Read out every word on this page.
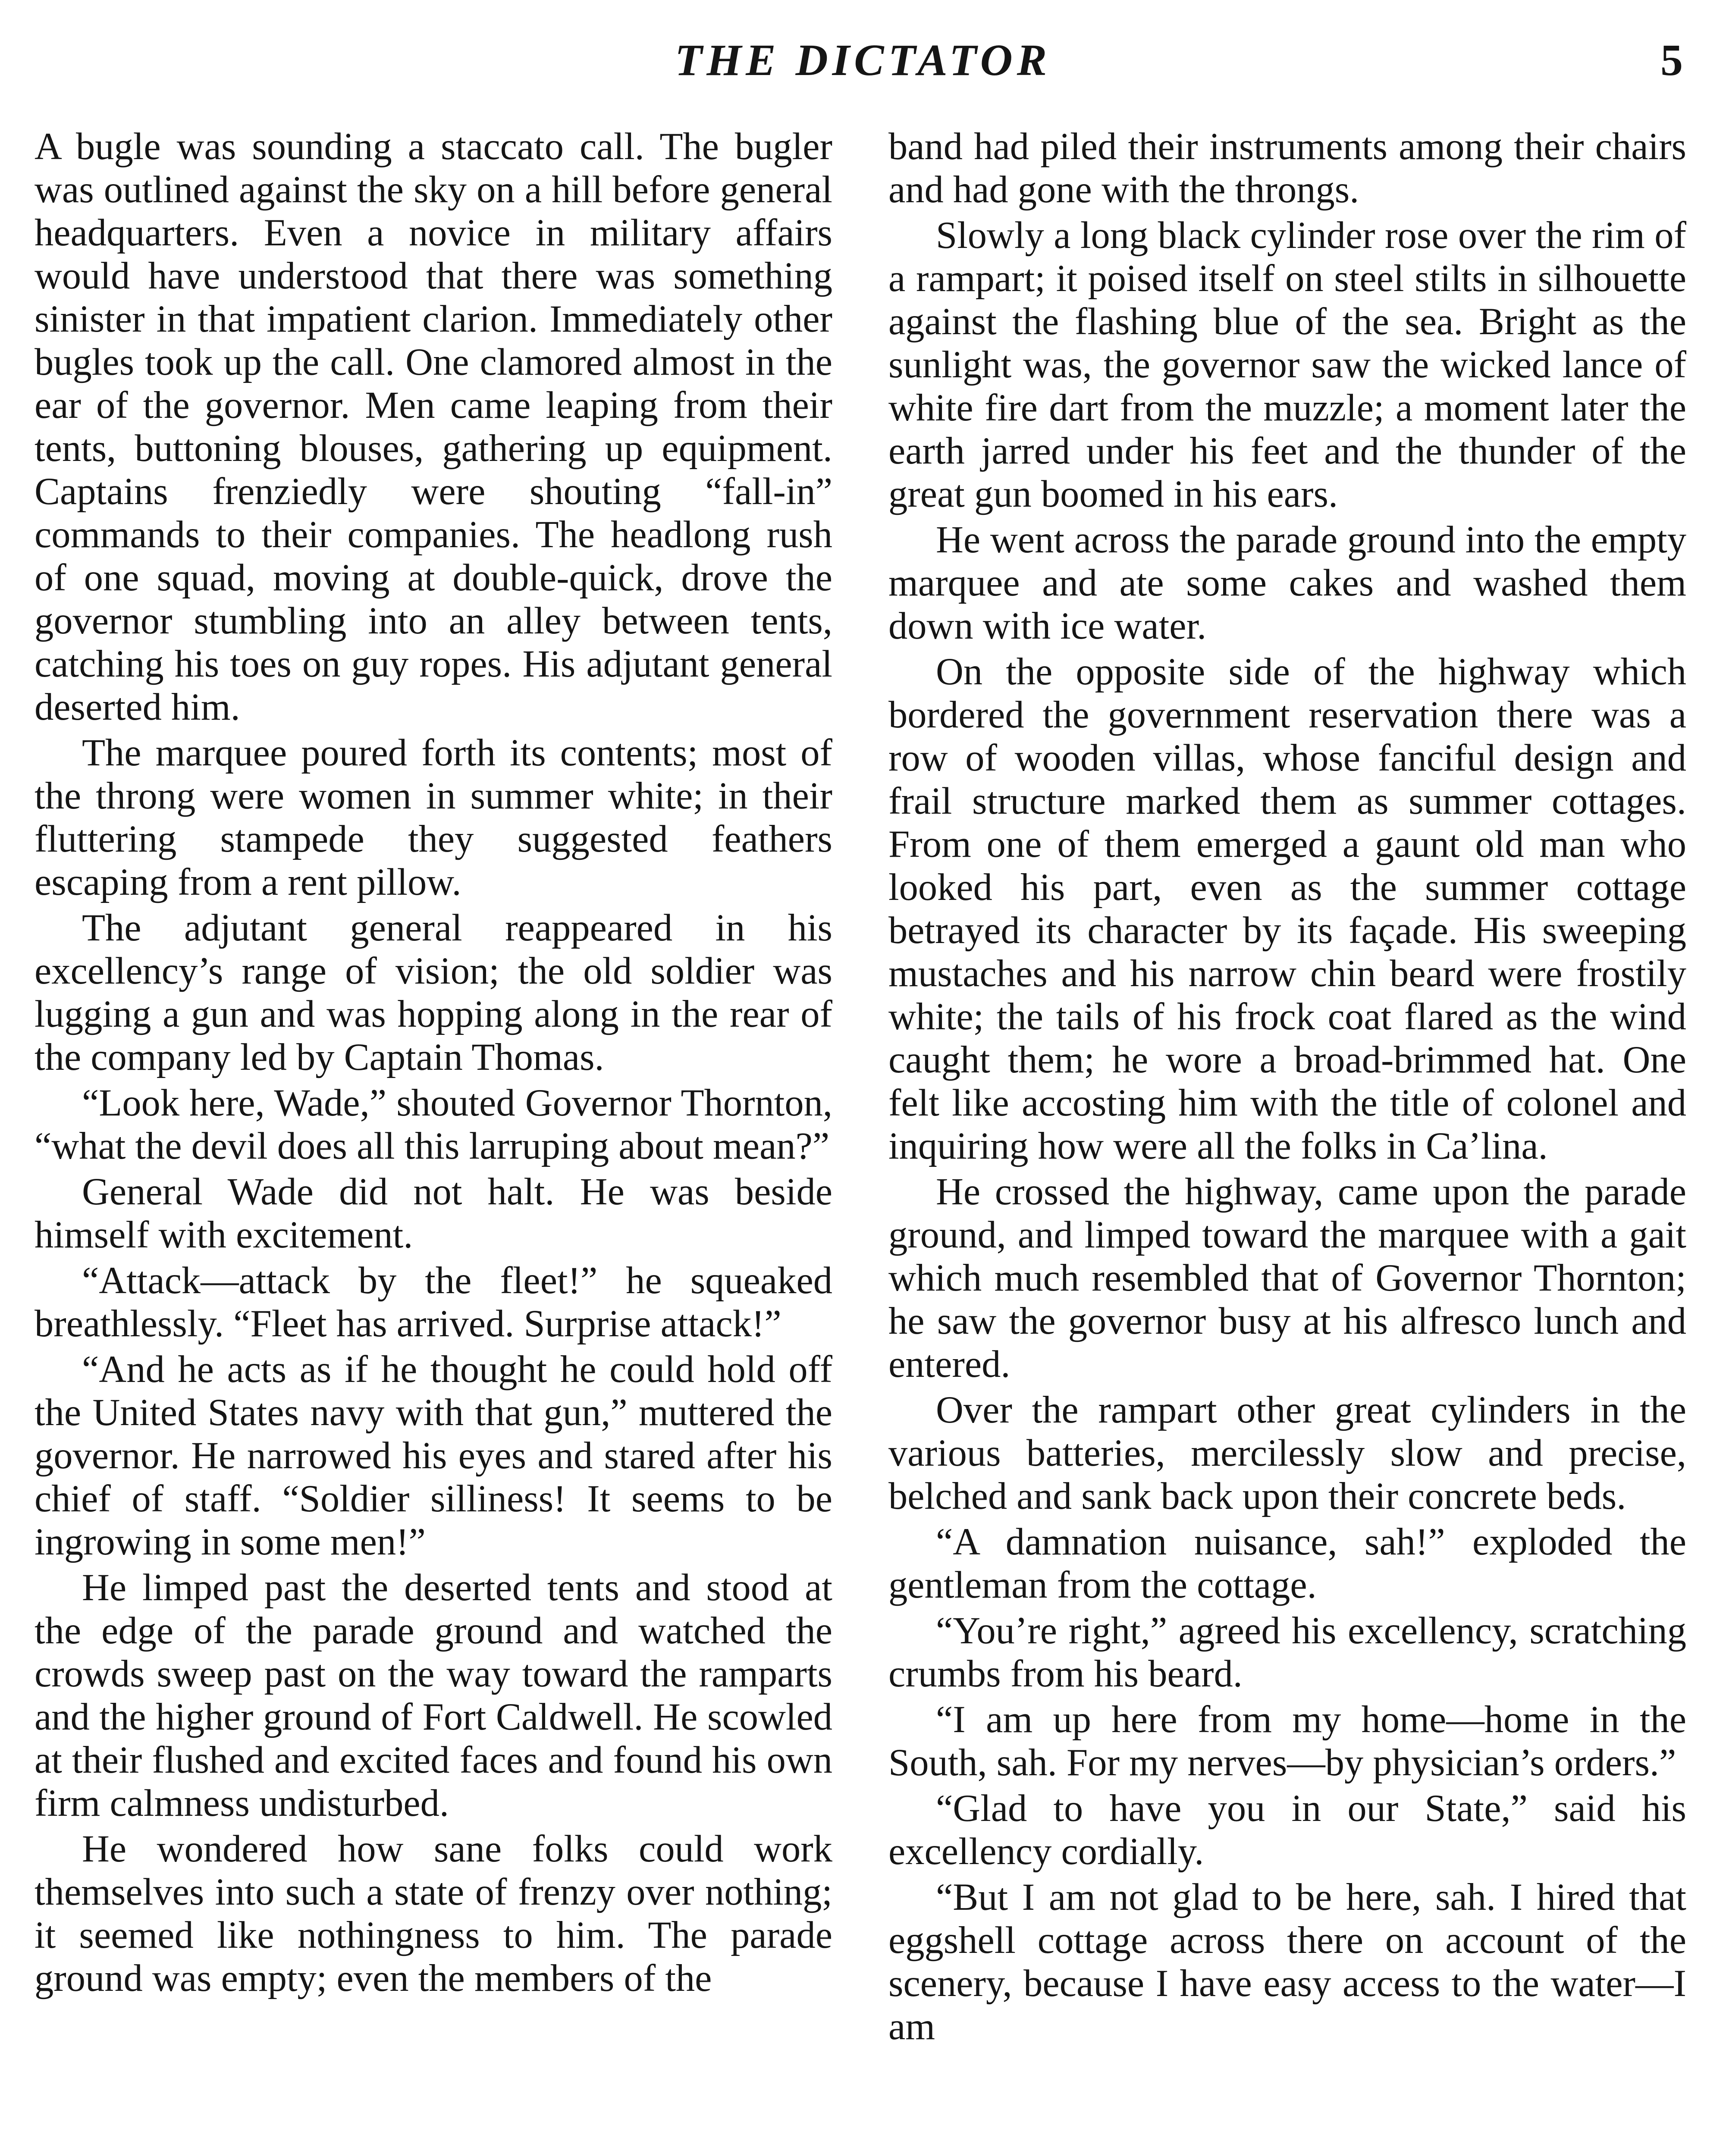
THE DICTATOR	5

A bugle was sounding a staccato call. The bugler was outlined against the sky on a hill before general headquarters. Even a novice in military affairs would have understood that there was something sinister in that impatient clarion. Immediately other bugles took up the call. One clamored almost in the ear of the governor. Men came leaping from their tents, buttoning blouses, gathering up equipment. Captains frenziedly were shouting “fall-in” commands to their companies. The headlong rush of one squad, moving at double-quick, drove the governor stumbling into an alley between tents, catching his toes on guy ropes. His adjutant general deserted him.

The marquee poured forth its contents; most of the throng were women in summer white; in their fluttering stampede they suggested feathers escaping from a rent pillow.

The adjutant general reappeared in his excellency’s range of vision; the old soldier was lugging a gun and was hopping along in the rear of the company led by Captain Thomas.

“Look here, Wade,” shouted Governor Thornton, “what the devil does all this larruping about mean?”

General Wade did not halt. He was beside himself with excitement.

“Attack—attack by the fleet!” he squeaked breathlessly. “Fleet has arrived. Surprise attack!”

“And he acts as if he thought he could hold off the United States navy with that gun,” muttered the governor. He narrowed his eyes and stared after his chief of staff. “Soldier silliness! It seems to be ingrowing in some men!”

He limped past the deserted tents and stood at the edge of the parade ground and watched the crowds sweep past on the way toward the ramparts and the higher ground of Fort Caldwell. He scowled at their flushed and excited faces and found his own firm calmness undisturbed.

He wondered how sane folks could work themselves into such a state of frenzy over nothing; it seemed like nothingness to him. The parade ground was empty; even the members of the

band had piled their instruments among their chairs and had gone with the throngs.

Slowly a long black cylinder rose over the rim of a rampart; it poised itself on steel stilts in silhouette against the flashing blue of the sea. Bright as the sunlight was, the governor saw the wicked lance of white fire dart from the muzzle; a moment later the earth jarred under his feet and the thunder of the great gun boomed in his ears.

He went across the parade ground into the empty marquee and ate some cakes and washed them down with ice water.

On the opposite side of the highway which bordered the government reservation there was a row of wooden villas, whose fanciful design and frail structure marked them as summer cottages. From one of them emerged a gaunt old man who looked his part, even as the summer cottage betrayed its character by its façade. His sweeping mustaches and his narrow chin beard were frostily white; the tails of his frock coat flared as the wind caught them; he wore a broad-brimmed hat. One felt like accosting him with the title of colonel and inquiring how were all the folks in Ca’lina.

He crossed the highway, came upon the parade ground, and limped toward the marquee with a gait which much resembled that of Governor Thornton; he saw the governor busy at his alfresco lunch and entered.

Over the rampart other great cylinders in the various batteries, mercilessly slow and precise, belched and sank back upon their concrete beds.

“A damnation nuisance, sah!” exploded the gentleman from the cottage.

“You’re right,” agreed his excellency, scratching crumbs from his beard.

“I am up here from my home—home in the South, sah. For my nerves—by physician’s orders.”

“Glad to have you in our State,” said his excellency cordially.

“But I am not glad to be here, sah. I hired that eggshell cottage across there on account of the scenery, because I have easy access to the water—I am
